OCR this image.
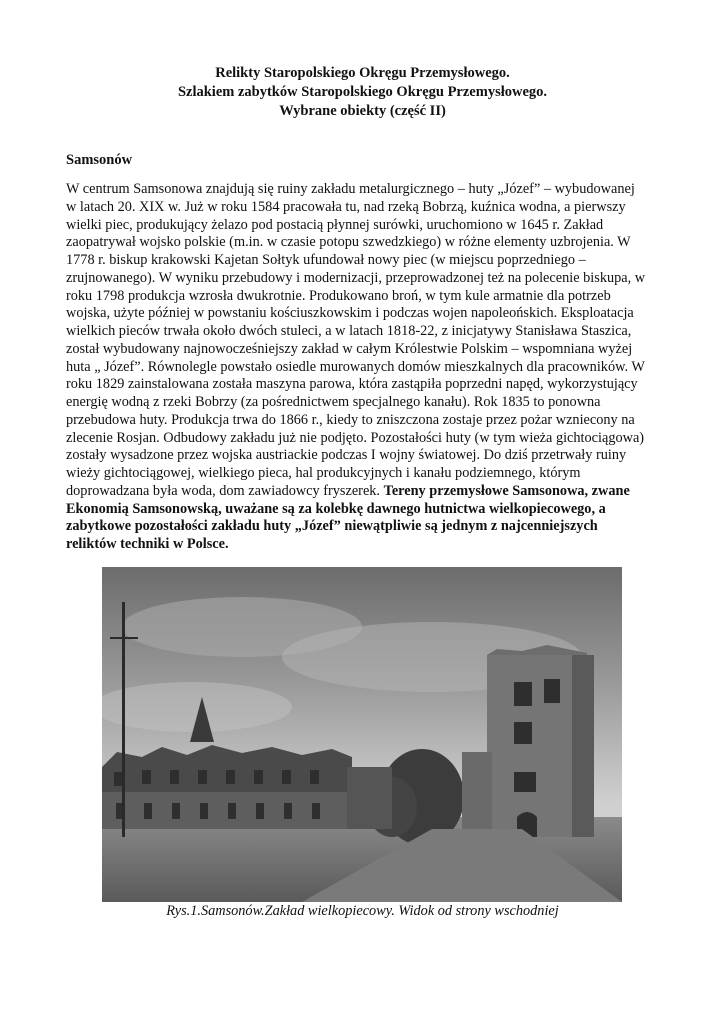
Relikty Staropolskiego Okręgu Przemysłowego.
Szlakiem zabytków Staropolskiego Okręgu Przemysłowego.
Wybrane obiekty (część II)
Samsonów
W centrum Samsonowa znajdują się ruiny zakładu metalurgicznego – huty „Józef” – wybudowanej
w latach 20. XIX w. Już w roku 1584 pracowała tu, nad rzeką Bobrzą, kuźnica wodna, a pierwszy
wielki piec, produkujący żelazo pod postacią płynnej surówki, uruchomiono w 1645 r. Zakład
zaopatrywał wojsko polskie (m.in. w czasie potopu szwedzkiego) w różne elementy uzbrojenia. W
1778 r. biskup krakowski Kajetan Sołtyk ufundował nowy piec (w miejscu poprzedniego –
zrujnowanego). W wyniku przebudowy i modernizacji, przeprowadzonej też na polecenie biskupa, w
roku 1798 produkcja wzrosła dwukrotnie. Produkowano broń, w tym kule armatnie dla potrzeb
wojska, użyte później w powstaniu kościuszkowskim i podczas wojen napoleońskich. Eksploatacja
wielkich pieców trwała około dwóch stuleci, a w latach 1818-22, z inicjatywy Stanisława Staszica,
został wybudowany najnowocześniejszy zakład w całym Królestwie Polskim – wspomniana wyżej
huta „ Józef”. Równolegle powstało osiedle murowanych domów mieszkalnych dla pracowników. W
roku 1829 zainstalowana została maszyna parowa, która zastąpiła poprzedni napęd, wykorzystujący
energię wodną z rzeki Bobrzy (za pośrednictwem specjalnego kanału). Rok 1835 to ponowna
przebudowa huty. Produkcja trwa do 1866 r., kiedy to zniszczona zostaje przez pożar wzniecony na
zlecenie Rosjan. Odbudowy zakładu już nie podjęto. Pozostałości huty (w tym wieża gichtociągowa)
zostały wysadzone przez wojska austriackie podczas I wojny światowej. Do dziś przetrwały ruiny
wieży gichtociągowej, wielkiego pieca, hal produkcyjnych i kanału podziemnego, którym
doprowadzana była woda, dom zawiadowcy fryszerek. Tereny przemysłowe Samsonowa, zwane
Ekonomią Samsonowską, uważane są za kolebkę dawnego hutnictwa wielkopiecowego, a
zabytkowe pozostałości zakładu huty „Józef” niewątpliwie są jednym z najcenniejszych
reliktów techniki w Polsce.
Rys.1.Samsonów.Zakład wielkopiecowy. Widok od strony wschodniej
